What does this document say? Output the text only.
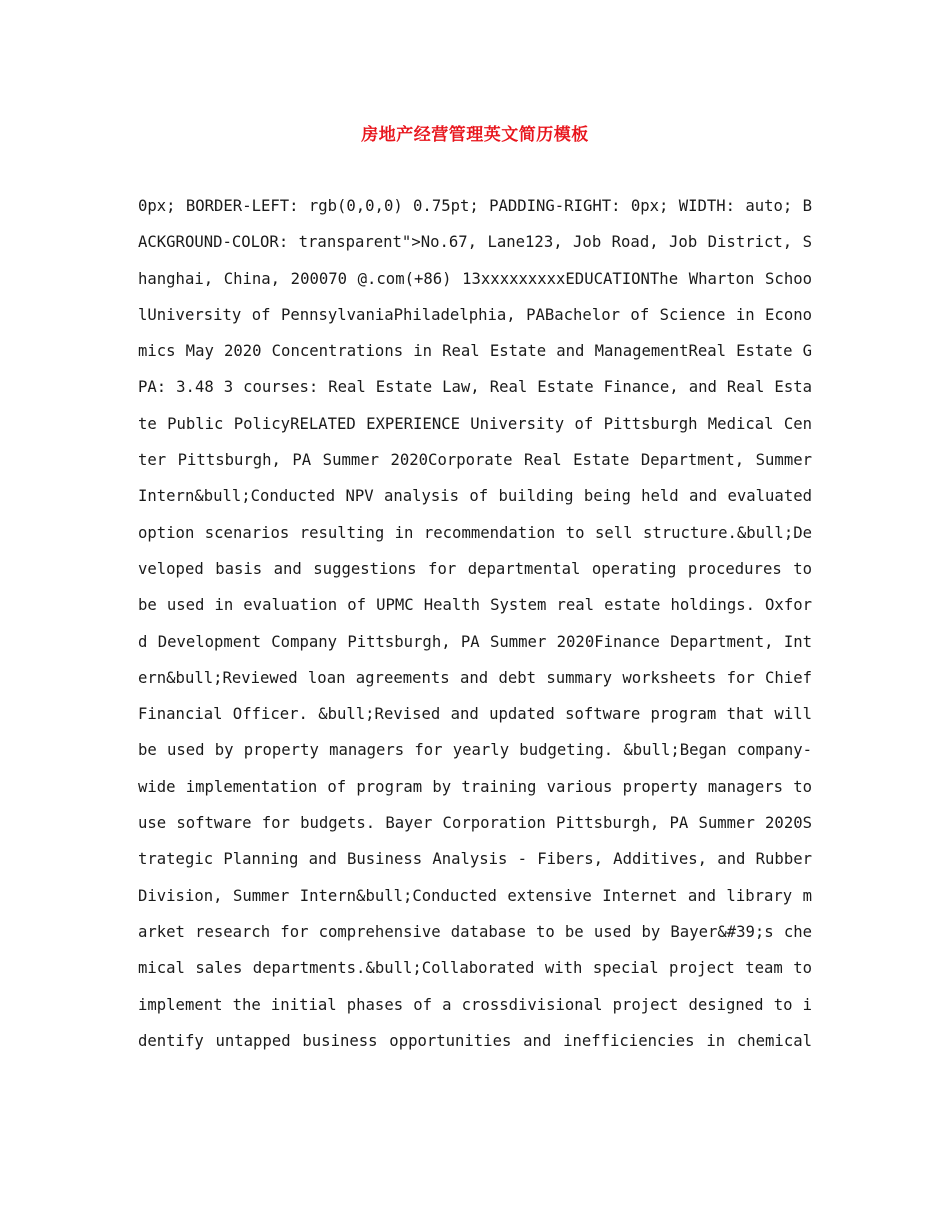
房地产经营管理英文简历模板

0px; BORDER-LEFT: rgb(0,0,0) 0.75pt; PADDING-RIGHT: 0px; WIDTH: auto; BACKGROUND-COLOR: transparent">No.67, Lane123, Job Road, Job District, Shanghai, China, 200070 @.com(+86) 13xxxxxxxxxEDUCATIONThe Wharton SchoolUniversity of PennsylvaniaPhiladelphia, PABachelor of Science in Economics May 2020 Concentrations in Real Estate and ManagementReal Estate GPA: 3.48 3 courses: Real Estate Law, Real Estate Finance, and Real Estate Public PolicyRELATED EXPERIENCE University of Pittsburgh Medical Center Pittsburgh, PA Summer 2020Corporate Real Estate Department, Summer Intern&bull;Conducted NPV analysis of building being held and evaluated option scenarios resulting in recommendation to sell structure.&bull;Developed basis and suggestions for departmental operating procedures to be used in evaluation of UPMC Health System real estate holdings. Oxford Development Company Pittsburgh, PA Summer 2020Finance Department, Intern&bull;Reviewed loan agreements and debt summary worksheets for Chief Financial Officer. &bull;Revised and updated software program that will be used by property managers for yearly budgeting. &bull;Began company-wide implementation of program by training various property managers to use software for budgets. Bayer Corporation Pittsburgh, PA Summer 2020Strategic Planning and Business Analysis - Fibers, Additives, and Rubber Division, Summer Intern&bull;Conducted extensive Internet and library market research for comprehensive database to be used by Bayer&#39;s chemical sales departments.&bull;Collaborated with special project team to implement the initial phases of a crossdivisional project designed to identify untapped business opportunities and inefficiencies in chemical
